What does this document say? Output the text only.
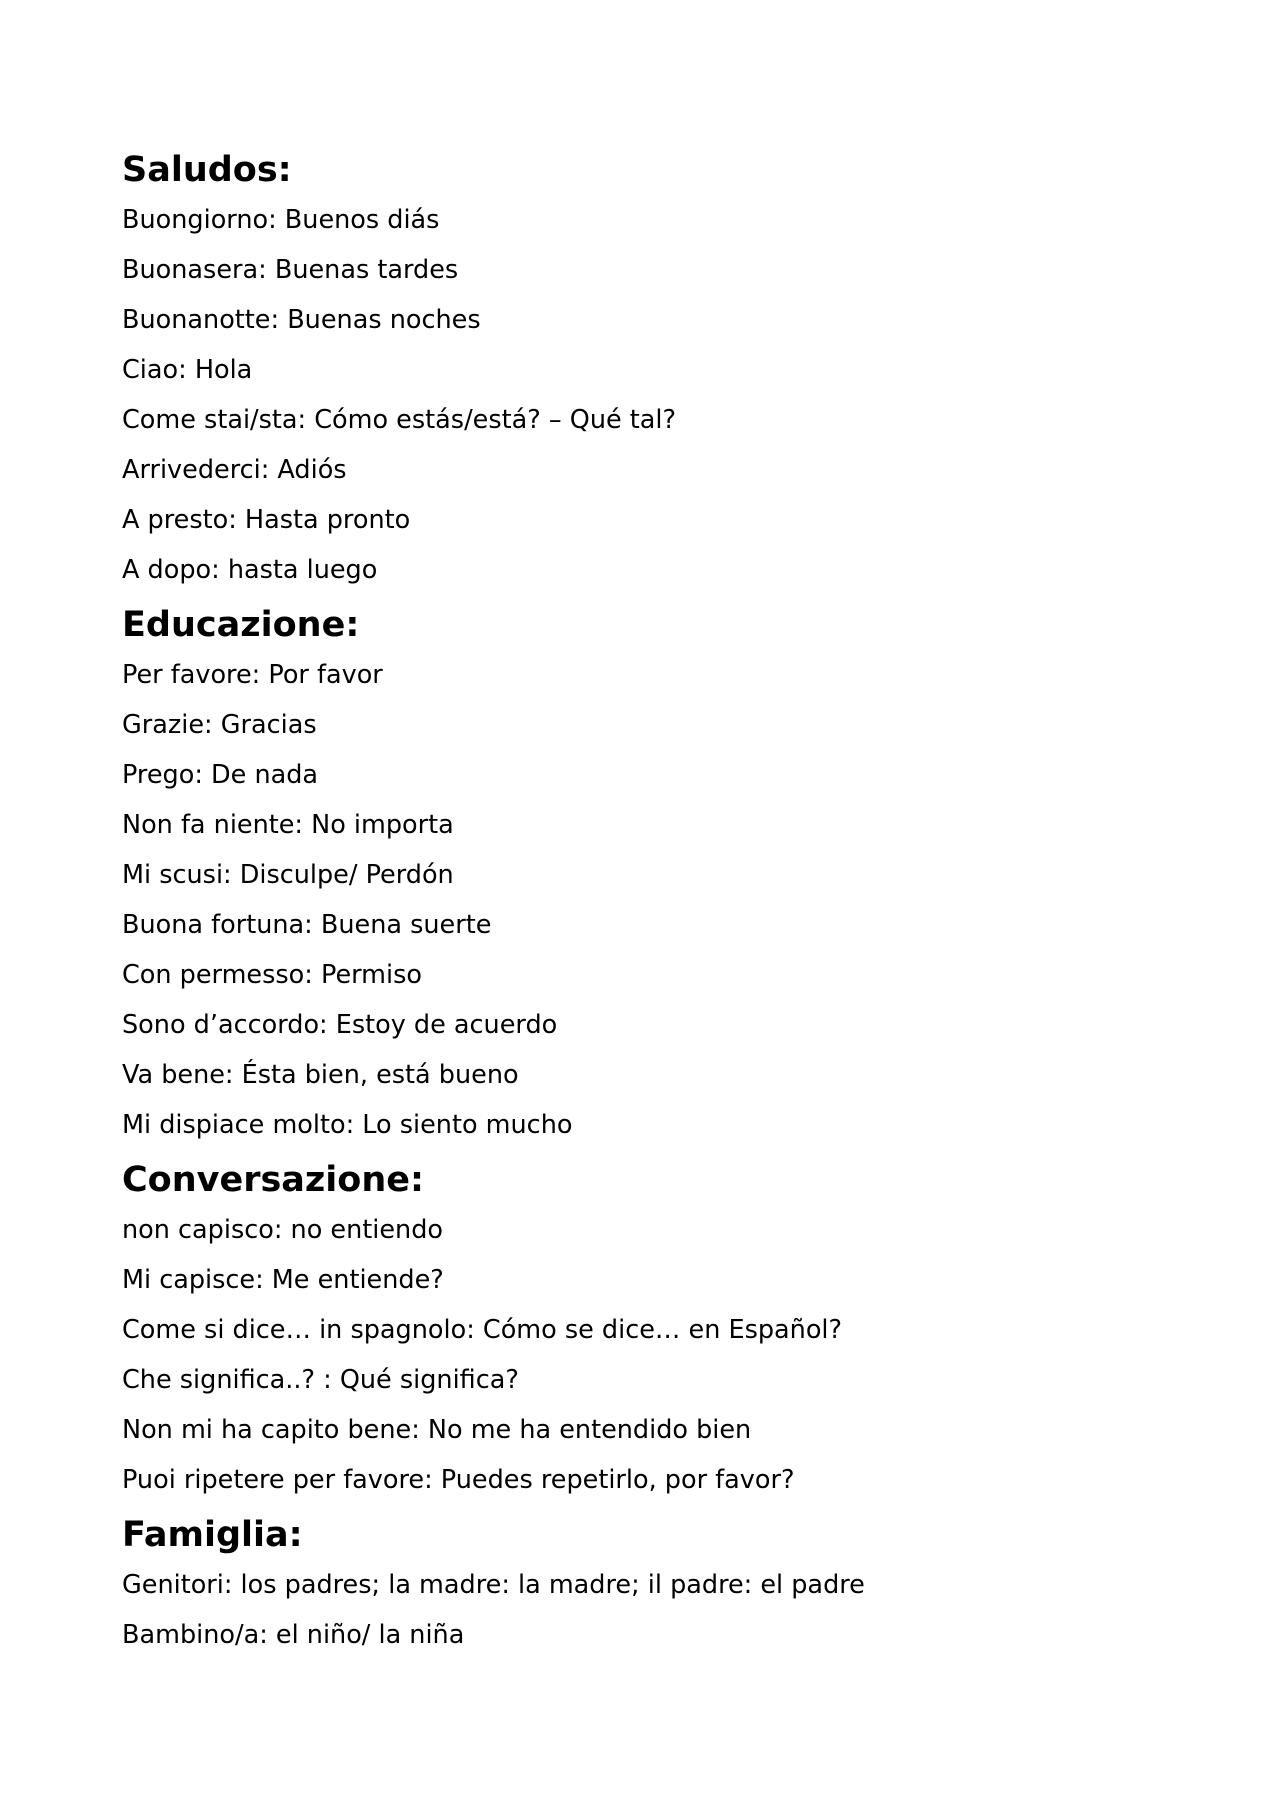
Saludos:

Buongiorno: Buenos diás

Buonasera: Buenas tardes

Buonanotte: Buenas noches

Ciao: Hola

Come stai/sta: Cómo estás/está? – Qué tal?

Arrivederci: Adiós

A presto: Hasta pronto

A dopo: hasta luego

Educazione:

Per favore: Por favor

Grazie: Gracias

Prego: De nada

Non fa niente: No importa

Mi scusi: Disculpe/ Perdón

Buona fortuna: Buena suerte

Con permesso: Permiso

Sono d’accordo: Estoy de acuerdo

Va bene: Ésta bien, está bueno

Mi dispiace molto: Lo siento mucho

Conversazione:

non capisco: no entiendo

Mi capisce: Me entiende?

Come si dice… in spagnolo: Cómo se dice… en Español?

Che significa..? : Qué significa?

Non mi ha capito bene: No me ha entendido bien

Puoi ripetere per favore: Puedes repetirlo, por favor?

Famiglia:

Genitori: los padres; la madre: la madre; il padre: el padre

Bambino/a: el niño/ la niña
